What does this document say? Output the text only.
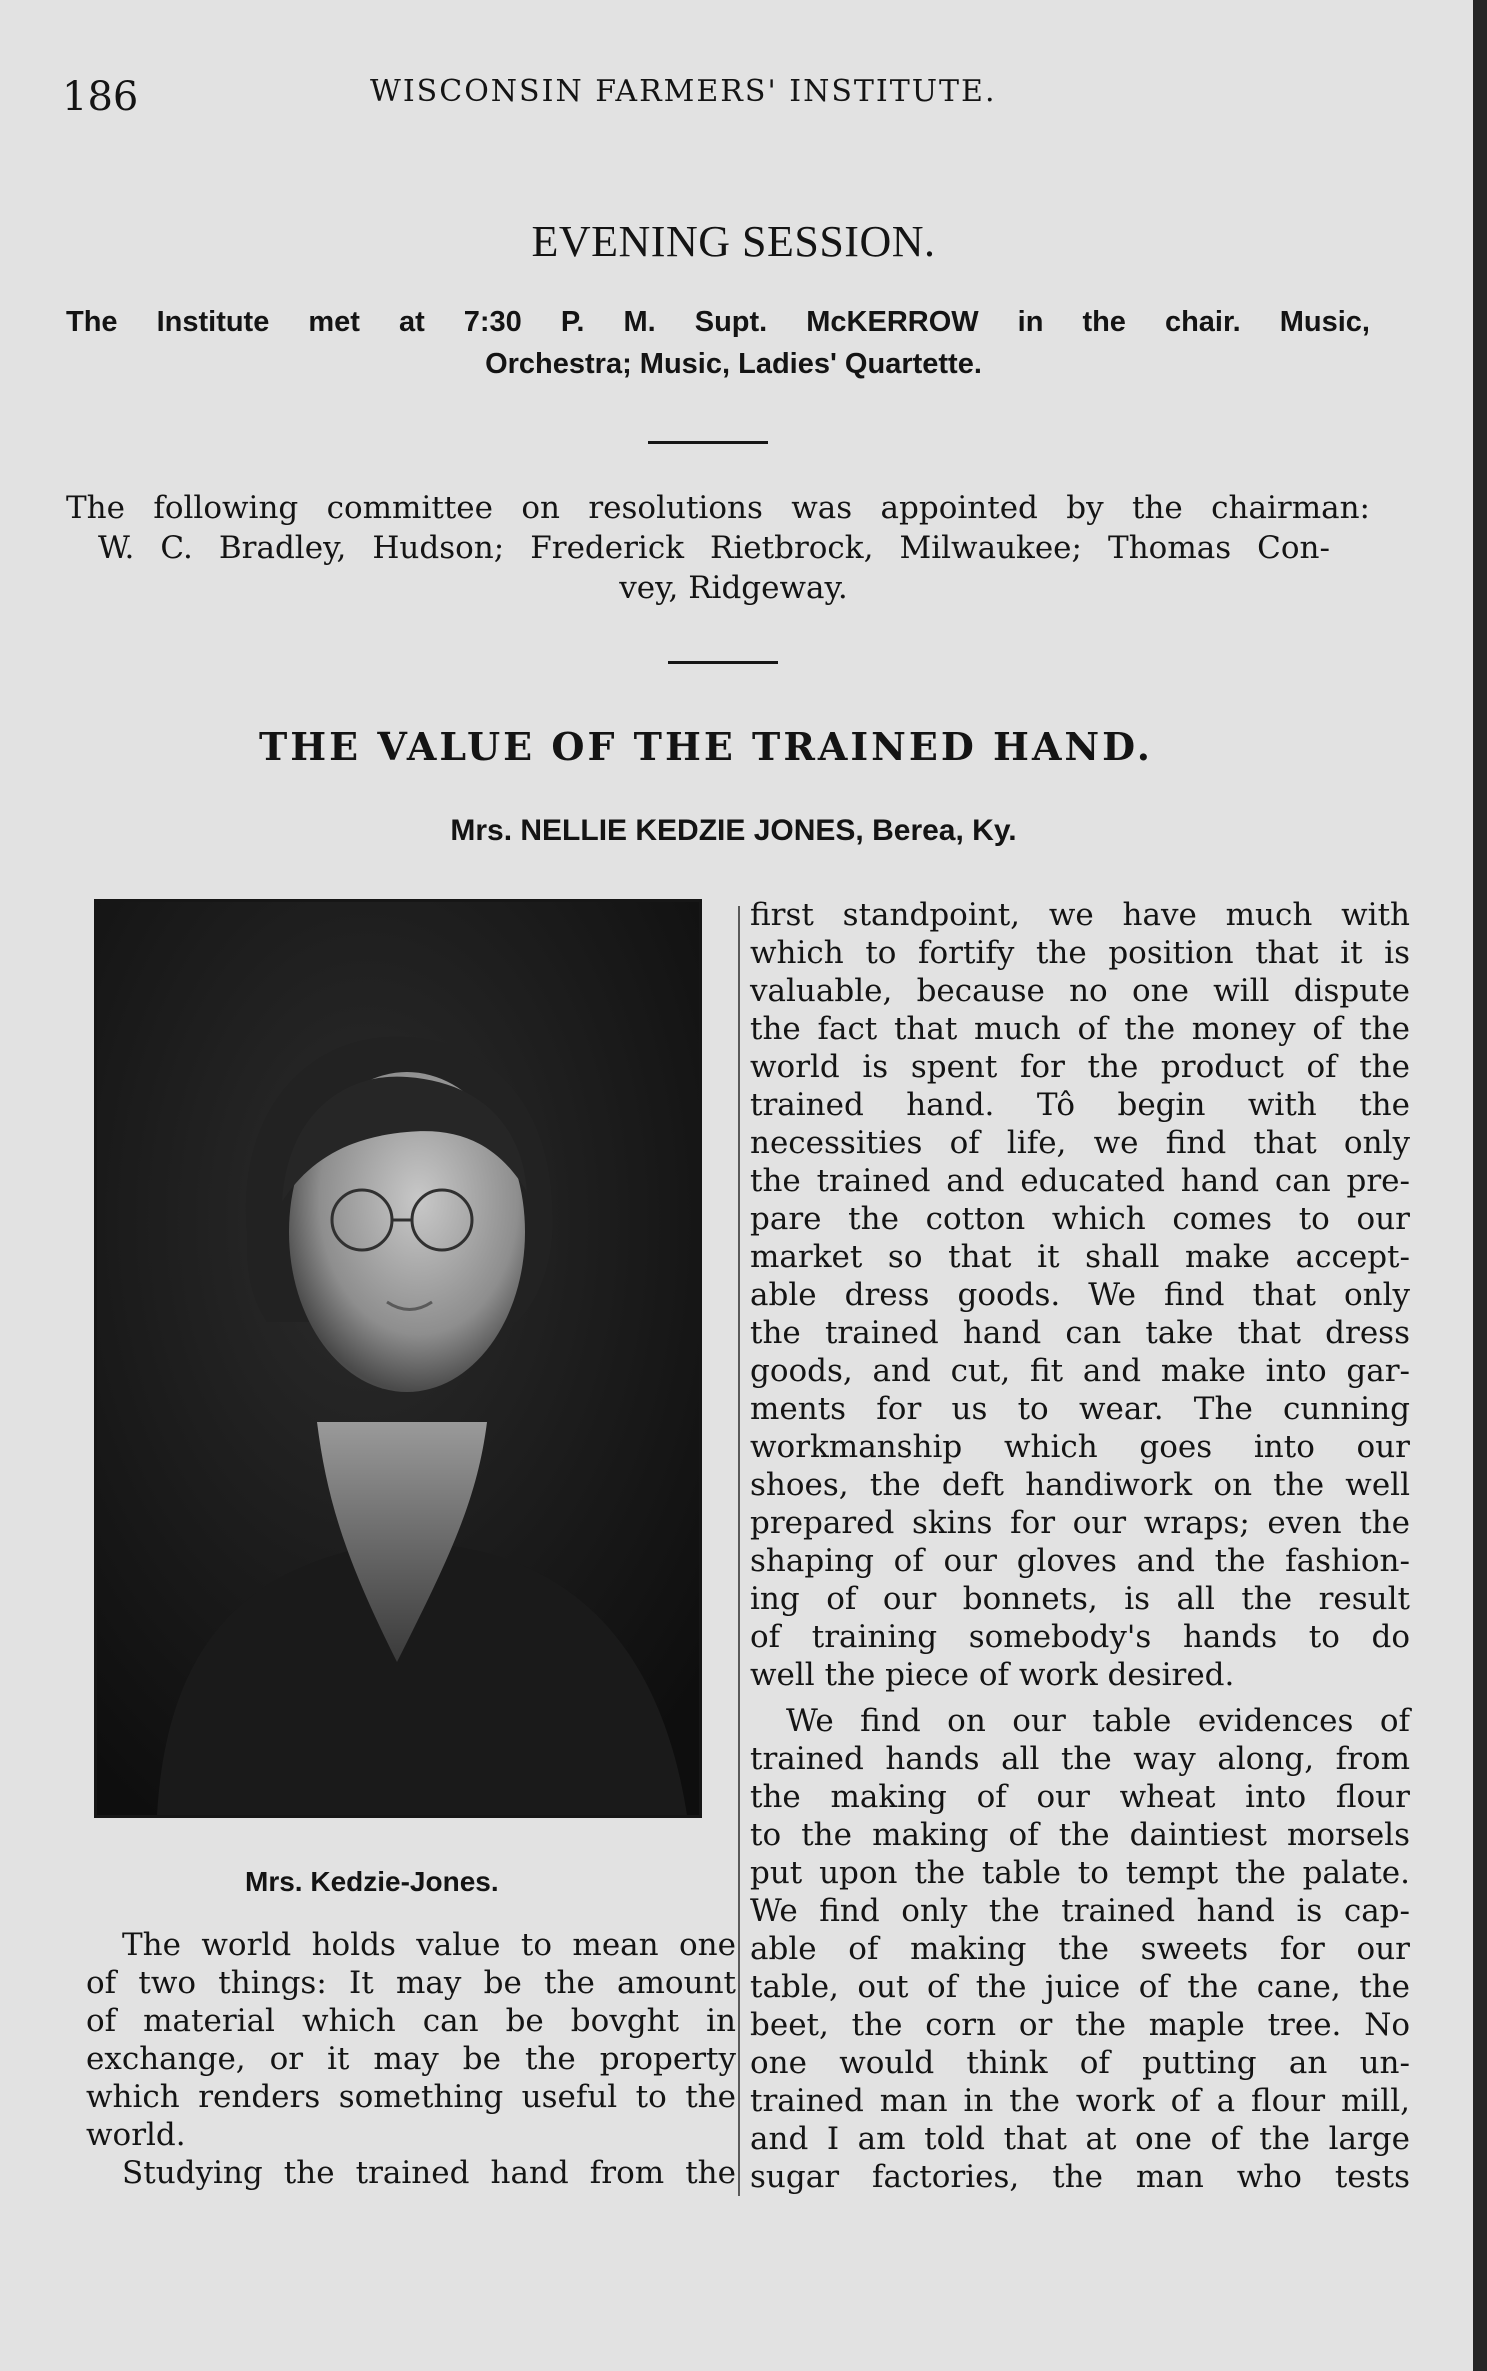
186	WISCONSIN FARMERS' INSTITUTE.
EVENING SESSION.
The Institute met at 7:30 P. M. Supt. McKERROW in the chair. Music,
Orchestra; Music, Ladies' Quartette.
The following committee on resolutions was appointed by the chairman:
W. C. Bradley, Hudson; Frederick Rietbrock, Milwaukee; Thomas Con-
vey, Ridgeway.
THE VALUE OF THE TRAINED HAND.
Mrs. NELLIE KEDZIE JONES, Berea, Ky.
Mrs. Kedzie-Jones.
The world holds value to mean one
of two things: It may be the amount
of material which can be bovght in
exchange, or it may be the property
which renders something useful to the
world.
Studying the trained hand from the
first standpoint, we have much with
which to fortify the position that it is
valuable, because no one will dispute
the fact that much of the money of the
world is spent for the product of the
trained hand. Tô begin with the
necessities of life, we find that only
the trained and educated hand can pre-
pare the cotton which comes to our
market so that it shall make accept-
able dress goods. We find that only
the trained hand can take that dress
goods, and cut, fit and make into gar-
ments for us to wear. The cunning
workmanship which goes into our
shoes, the deft handiwork on the well
prepared skins for our wraps; even the
shaping of our gloves and the fashion-
ing of our bonnets, is all the result
of training somebody's hands to do
well the piece of work desired.
We find on our table evidences of
trained hands all the way along, from
the making of our wheat into flour
to the making of the daintiest morsels
put upon the table to tempt the palate.
We find only the trained hand is cap-
able of making the sweets for our
table, out of the juice of the cane, the
beet, the corn or the maple tree. No
one would think of putting an un-
trained man in the work of a flour mill,
and I am told that at one of the large
sugar factories, the man who tests
